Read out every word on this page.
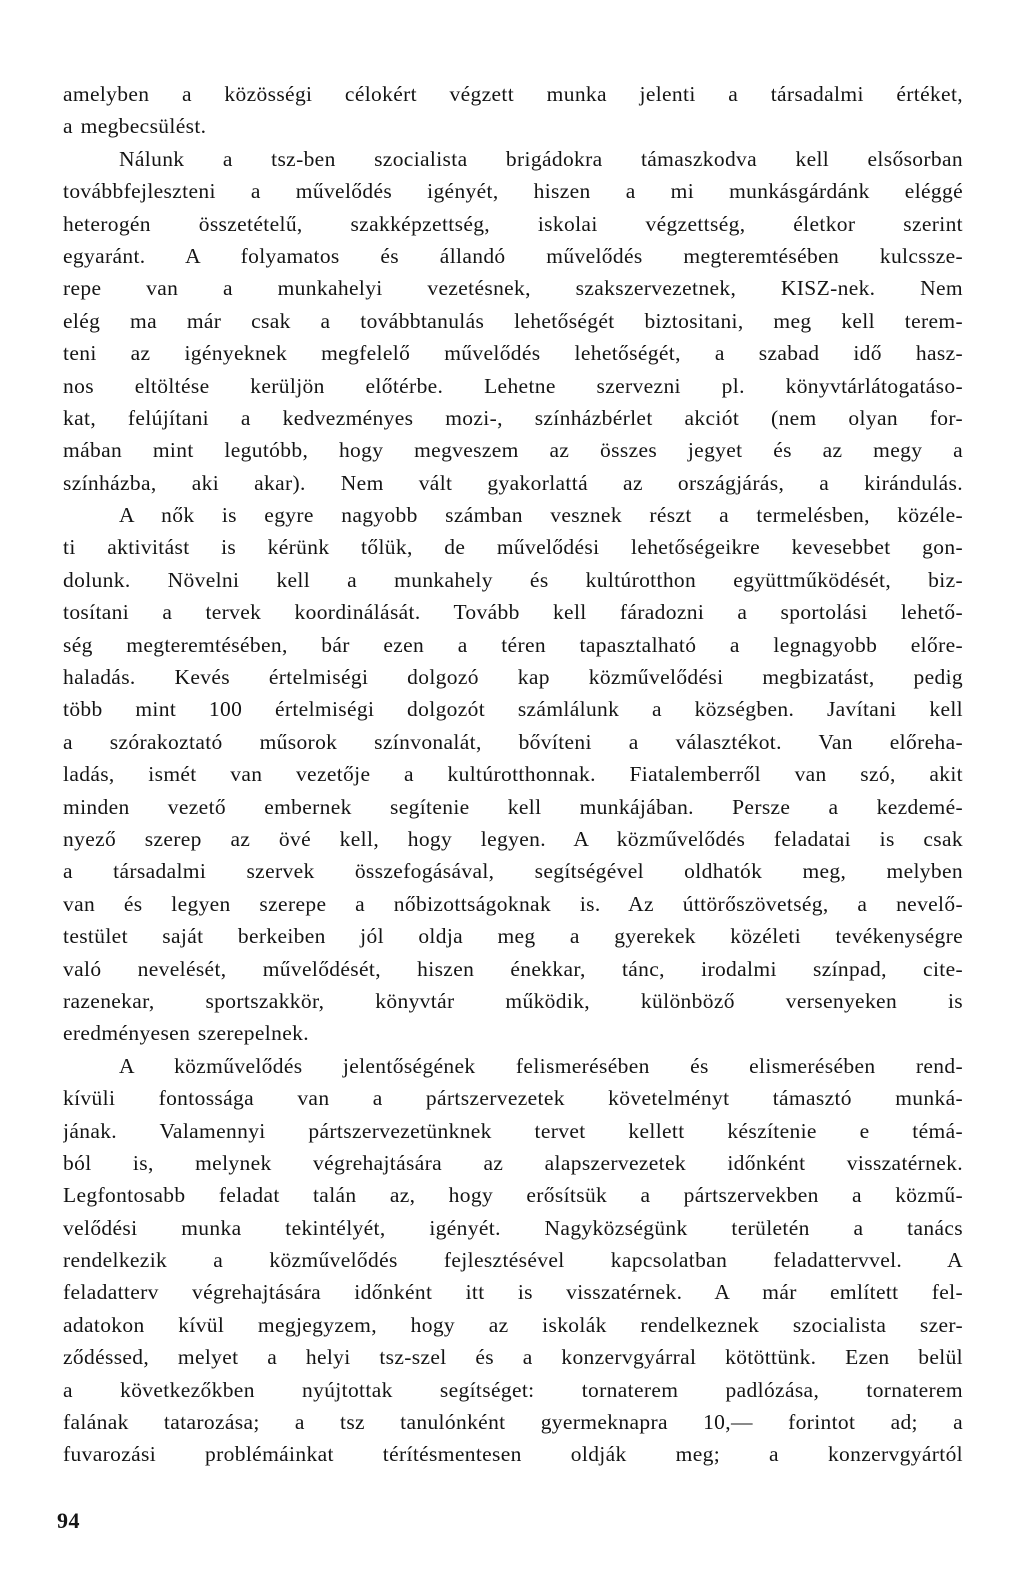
amelyben a közösségi célokért végzett munka jelenti a társadalmi értéket,
a megbecsülést.
Nálunk a tsz-ben szocialista brigádokra támaszkodva kell elsősorban
továbbfejleszteni a művelődés igényét, hiszen a mi munkásgárdánk eléggé
heterogén összetételű, szakképzettség, iskolai végzettség, életkor szerint
egyaránt. A folyamatos és állandó művelődés megteremtésében kulcssze-
repe van a munkahelyi vezetésnek, szakszervezetnek, KISZ-nek. Nem
elég ma már csak a továbbtanulás lehetőségét biztositani, meg kell terem-
teni az igényeknek megfelelő művelődés lehetőségét, a szabad idő hasz-
nos eltöltése kerüljön előtérbe. Lehetne szervezni pl. könyvtárlátogatáso-
kat, felújítani a kedvezményes mozi-, színházbérlet akciót (nem olyan for-
mában mint legutóbb, hogy megveszem az összes jegyet és az megy a
színházba, aki akar). Nem vált gyakorlattá az országjárás, a kirándulás.
A nők is egyre nagyobb számban vesznek részt a termelésben, közéle-
ti aktivitást is kérünk tőlük, de művelődési lehetőségeikre kevesebbet gon-
dolunk. Növelni kell a munkahely és kultúrotthon együttműködését, biz-
tosítani a tervek koordinálását. Tovább kell fáradozni a sportolási lehető-
ség megteremtésében, bár ezen a téren tapasztalható a legnagyobb előre-
haladás. Kevés értelmiségi dolgozó kap közművelődési megbizatást, pedig
több mint 100 értelmiségi dolgozót számlálunk a községben. Javítani kell
a szórakoztató műsorok színvonalát, bővíteni a választékot. Van előreha-
ladás, ismét van vezetője a kultúrotthonnak. Fiatalemberről van szó, akit
minden vezető embernek segítenie kell munkájában. Persze a kezdemé-
nyező szerep az övé kell, hogy legyen. A közművelődés feladatai is csak
a társadalmi szervek összefogásával, segítségével oldhatók meg, melyben
van és legyen szerepe a nőbizottságoknak is. Az úttörőszövetség, a nevelő-
testület saját berkeiben jól oldja meg a gyerekek közéleti tevékenységre
való nevelését, művelődését, hiszen énekkar, tánc, irodalmi színpad, cite-
razenekar, sportszakkör, könyvtár működik, különböző versenyeken is
eredményesen szerepelnek.
A közművelődés jelentőségének felismerésében és elismerésében rend-
kívüli fontossága van a pártszervezetek követelményt támasztó munká-
jának. Valamennyi pártszervezetünknek tervet kellett készítenie e témá-
ból is, melynek végrehajtására az alapszervezetek időnként visszatérnek.
Legfontosabb feladat talán az, hogy erősítsük a pártszervekben a közmű-
velődési munka tekintélyét, igényét. Nagyközségünk területén a tanács
rendelkezik a közművelődés fejlesztésével kapcsolatban feladattervvel. A
feladatterv végrehajtására időnként itt is visszatérnek. A már említett fel-
adatokon kívül megjegyzem, hogy az iskolák rendelkeznek szocialista szer-
ződéssed, melyet a helyi tsz-szel és a konzervgyárral kötöttünk. Ezen belül
a következőkben nyújtottak segítséget: tornaterem padlózása, tornaterem
falának tatarozása; a tsz tanulónként gyermeknapra 10,— forintot ad; a
fuvarozási problémáinkat térítésmentesen oldják meg; a konzervgyártól
94
